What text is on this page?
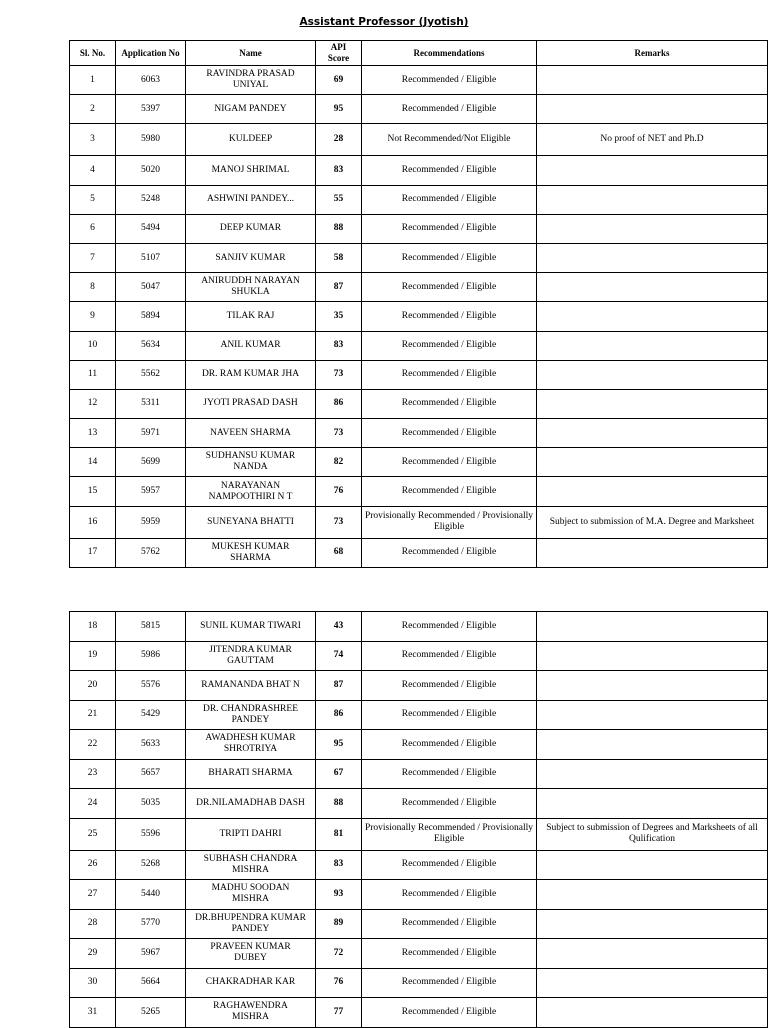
Assistant Professor (Jyotish)
Sl. No.	Application No	Name	API Score	Recommendations	Remarks
1	6063	RAVINDRA PRASAD UNIYAL	69	Recommended / Eligible	
2	5397	NIGAM PANDEY	95	Recommended / Eligible	
3	5980	KULDEEP	28	Not Recommended/Not Eligible	No proof of NET and Ph.D
4	5020	MANOJ SHRIMAL	83	Recommended / Eligible	
5	5248	ASHWINI PANDEY...	55	Recommended / Eligible	
6	5494	DEEP KUMAR	88	Recommended / Eligible	
7	5107	SANJIV KUMAR	58	Recommended / Eligible	
8	5047	ANIRUDDH NARAYAN SHUKLA	87	Recommended / Eligible	
9	5894	TILAK RAJ	35	Recommended / Eligible	
10	5634	ANIL KUMAR	83	Recommended / Eligible	
11	5562	DR. RAM KUMAR JHA	73	Recommended / Eligible	
12	5311	JYOTI PRASAD DASH	86	Recommended / Eligible	
13	5971	NAVEEN SHARMA	73	Recommended / Eligible	
14	5699	SUDHANSU KUMAR NANDA	82	Recommended / Eligible	
15	5957	NARAYANAN NAMPOOTHIRI N T	76	Recommended / Eligible	
16	5959	SUNEYANA BHATTI	73	Provisionally Recommended / Provisionally Eligible	Subject to submission of M.A. Degree and Marksheet
17	5762	MUKESH KUMAR SHARMA	68	Recommended / Eligible	
18	5815	SUNIL KUMAR TIWARI	43	Recommended / Eligible	
19	5986	JITENDRA KUMAR GAUTTAM	74	Recommended / Eligible	
20	5576	RAMANANDA BHAT N	87	Recommended / Eligible	
21	5429	DR. CHANDRASHREE PANDEY	86	Recommended / Eligible	
22	5633	AWADHESH KUMAR SHROTRIYA	95	Recommended / Eligible	
23	5657	BHARATI SHARMA	67	Recommended / Eligible	
24	5035	DR.NILAMADHAB DASH	88	Recommended / Eligible	
25	5596	TRIPTI DAHRI	81	Provisionally Recommended / Provisionally Eligible	Subject to submission of Degrees and Marksheets of all Qulification
26	5268	SUBHASH CHANDRA MISHRA	83	Recommended / Eligible	
27	5440	MADHU SOODAN MISHRA	93	Recommended / Eligible	
28	5770	DR.BHUPENDRA KUMAR PANDEY	89	Recommended / Eligible	
29	5967	PRAVEEN KUMAR DUBEY	72	Recommended / Eligible	
30	5664	CHAKRADHAR KAR	76	Recommended / Eligible	
31	5265	RAGHAWENDRA MISHRA	77	Recommended / Eligible	
